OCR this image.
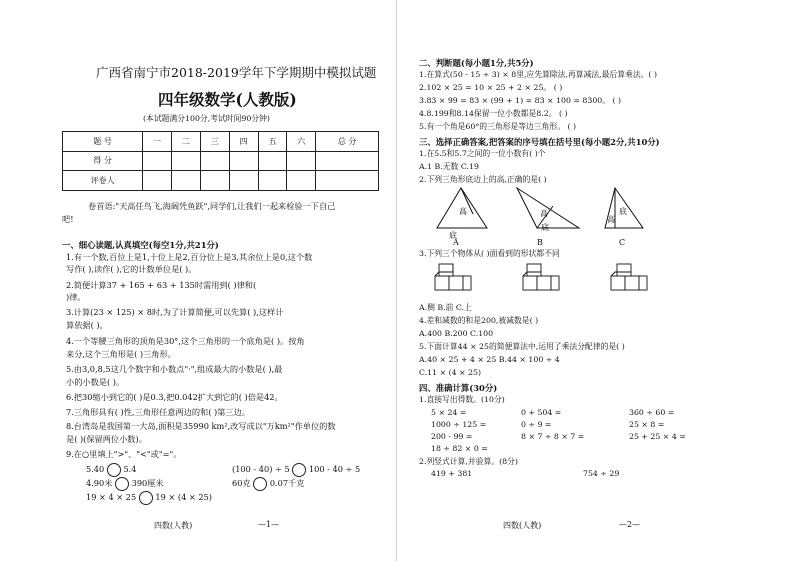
广西省南宁市2018-2019学年下学期期中模拟试题
四年级数学(人教版)
(本试题满分100分,考试时间90分钟)
题 号	一	二	三	四	五	六	总 分
得 分							
评卷人							
卷首语:"天高任鸟飞,海阔凭鱼跃",同学们,让我们一起来检验一下自己
吧!
一、细心读题,认真填空(每空1分,共21分)
1.有一个数,百位上是1,十位上是2,百分位上是3,其余位上是0,这个数
写作( ),读作( ),它的计数单位是( )。
2.简便计算37 + 165 + 63 + 135时需用到( )律和(
)律。
3.计算(23 × 125) × 8时,为了计算简便,可以先算( ),这样计
算依据( )。
4.一个等腰三角形的顶角是30°,这个三角形的一个底角是( )。按角
来分,这个三角形是( )三角形。
5.由3,0,8,5这几个数字和小数点"·",组成最大的小数是( ),最
小的小数是( )。
6.把30缩小到它的( )是0.3,把0.042扩大到它的( )倍是42。
7.三角形具有( )性,三角形任意两边的和( )第三边。
8.台湾岛是我国第一大岛,面积是35990 km²,改写成以"万km²"作单位的数
是( )(保留两位小数)。
9.在○里填上">"、"<"或"="。
5.40 5.4	(100 - 40) ÷ 5 100 - 40 ÷ 5
4.90米 390厘米	60克 0.07千克
19 × 4 × 25 19 × (4 × 25)
四数(人教)	—1—
二、判断题(每小题1分,共5分)
1.在算式(50 - 15 ÷ 3) × 8里,应先算除法,再算减法,最后算乘法。( )
2.102 × 25 = 10 × 25 + 2 × 25。 ( )
3.83 × 99 = 83 × (99 + 1) = 83 × 100 = 8300。 ( )
4.8.199和8.14保留一位小数都是8.2。 ( )
5.有一个角是60°的三角形是等边三角形。 ( )
三、选择正确答案,把答案的序号填在括号里(每小题2分,共10分)
1.在5.5和5.7之间的一位小数有( )个
A.1 B.无数 C.19
2.下列三角形底边上的高,正确的是( )
高
底
A
高
底
B
高
底
C
3.下列三个物体从( )面看到的形状都不同
A.侧 B.前 C.上
4.差和减数的和是200,被减数是( )
A.400 B.200 C.100
5.下面计算44 × 25的简便算法中,运用了乘法分配律的是( )
A.40 × 25 + 4 × 25 B.44 × 100 ÷ 4
C.11 × (4 × 25)
四、准确计算(30分)
1.直接写出得数。(10分)
5 × 24 =	0 + 504 =	360 ÷ 60 =
1000 ÷ 125 =	0 ÷ 9 =	25 × 8 =
200 - 99 =	8 × 7 ÷ 8 × 7 =	25 + 25 × 4 =
18 ÷ 82 × 0 =
2.列竖式计算,并验算。(8分)
419 + 381	754 ÷ 29
四数(人教)	—2—
